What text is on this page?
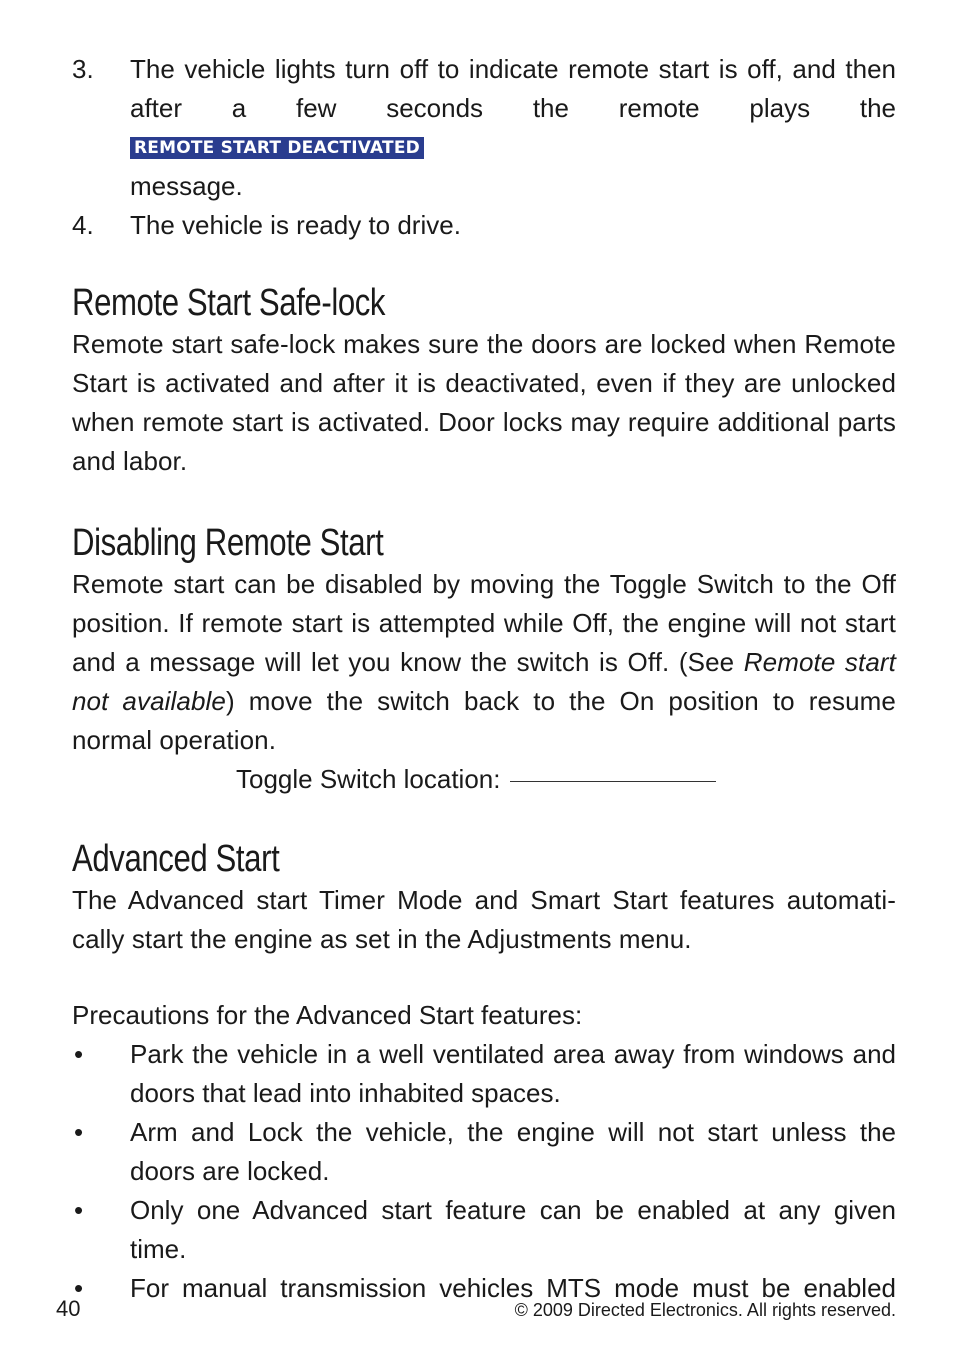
3.	The vehicle lights turn off to indicate remote start is off, and then after a few seconds the remote plays the REMOTE START DEACTIVATED
message.
4.	The vehicle is ready to drive.
Remote Start Safe-lock

Remote start safe-lock makes sure the doors are locked when Remote Start is activated and after it is deactivated, even if they are unlocked when remote start is activated. Door locks may require additional parts and labor.

Disabling Remote Start

Remote start can be disabled by moving the Toggle Switch to the Off position. If remote start is attempted while Off, the engine will not start and a message will let you know the switch is Off. (See Remote start not available) move the switch back to the On position to resume normal operation.

Toggle Switch location:
Advanced Start

The Advanced start Timer Mode and Smart Start features automati-cally start the engine as set in the Adjustments menu.

Precautions for the Advanced Start features:

•	Park the vehicle in a well ventilated area away from windows and doors that lead into inhabited spaces.
•	Arm and Lock the vehicle, the engine will not start unless the doors are locked.
•	Only one Advanced start feature can be enabled at any given time.
•	For manual transmission vehicles MTS mode must be enabled
40	© 2009 Directed Electronics. All rights reserved.
